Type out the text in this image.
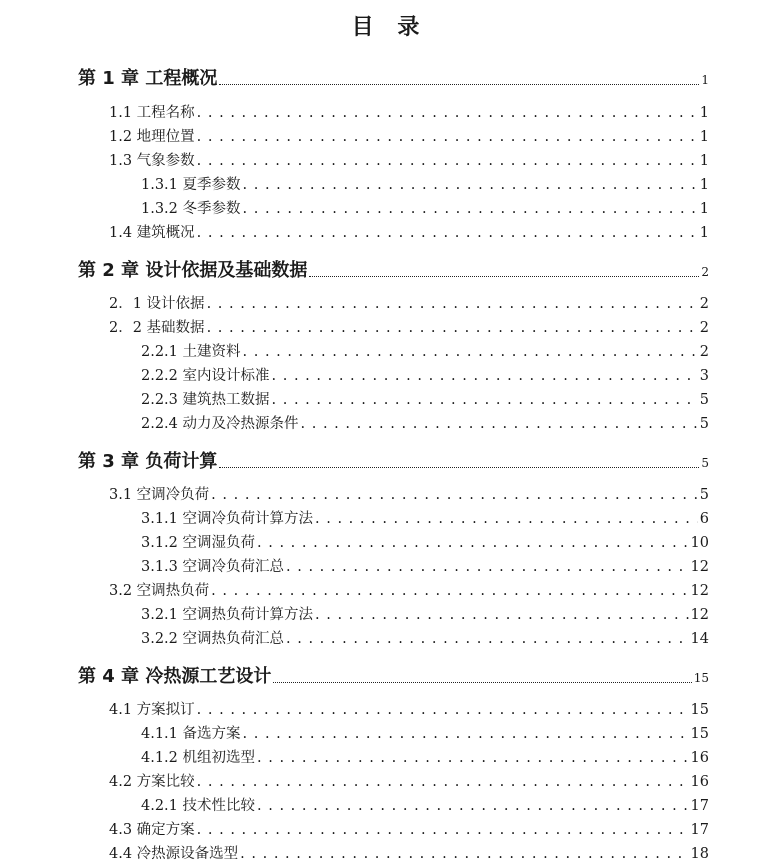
目 录
第 1 章 工程概况	1
1.1 工程名称 . . .	1
1.2 地理位置 . . .	1
1.3 气象参数 . . .	1
1.3.1 夏季参数 . . .	1
1.3.2 冬季参数 . . .	1
1.4 建筑概况 . . .	1
第 2 章 设计依据及基础数据	2
2．1 设计依据 . . .	2
2．2 基础数据 . . .	2
2.2.1 土建资料 . . .	2
2.2.2 室内设计标准 . . .	3
2.2.3 建筑热工数据 . . .	5
2.2.4 动力及冷热源条件 . . .	5
第 3 章 负荷计算	5
3.1 空调冷负荷 . . .	5
3.1.1 空调冷负荷计算方法 . . .	6
3.1.2 空调湿负荷 . . .	10
3.1.3 空调冷负荷汇总 . . .	12
3.2 空调热负荷 . . .	12
3.2.1 空调热负荷计算方法 . . .	12
3.2.2 空调热负荷汇总 . . .	14
第 4 章 冷热源工艺设计	15
4.1 方案拟订 . . .	15
4.1.1 备选方案 . . .	15
4.1.2 机组初选型 . . .	16
4.2 方案比较 . . .	16
4.2.1 技术性比较 . . .	17
4.3 确定方案 . . .	17
4.4 冷热源设备选型 . . .	18
